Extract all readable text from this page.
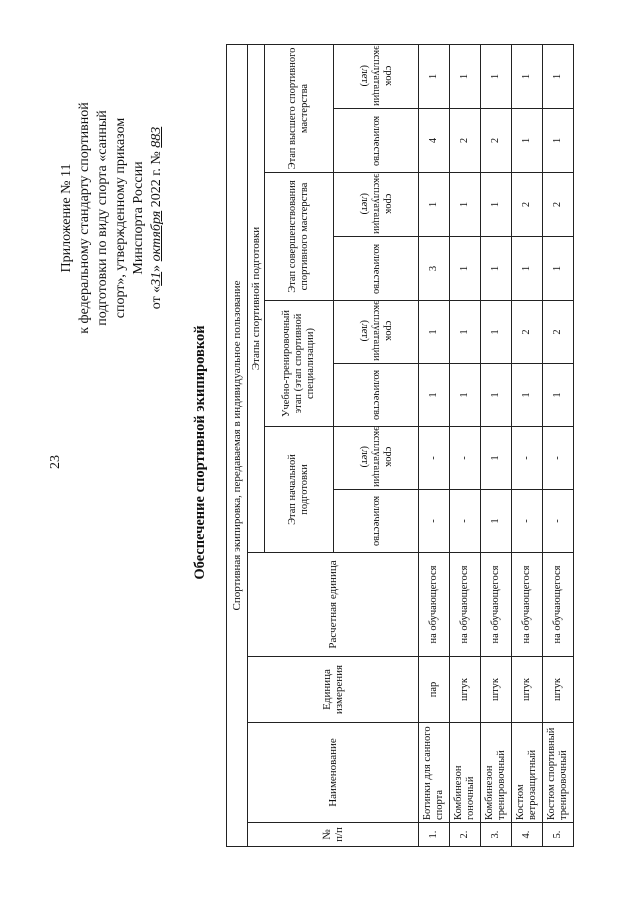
23
Приложение № 11 к федеральному стандарту спортивной подготовки по виду спорта «санный спорт», утвержденному приказом Минспорта России
от «31» октября 2022 г. № 883
Обеспечение спортивной экипировкой Спортивная экипировка, передаваемая в индивидуальное пользование											
№ п/п	Наименование	Единица измерения	Расчетная единица	Этапы спортивной подготовки							
				Этап начальной подготовки		Учебно-тренировочный этап (этап спортивной специализации)		Этап совершенствования спортивного мастерства		Этап высшего спортивного мастерства	
				количество	срок эксплуатации (лет)	количество	срок эксплуатации (лет)	количество	срок эксплуатации (лет)	количество	срок эксплуатации (лет)
1.	Ботинки для санного спорта	пар	на обучающегося	-	-	1	1	3	1	4	1
2.	Комбинезон гоночный	штук	на обучающегося	-	-	1	1	1	1	2	1
3.	Комбинезон тренировочный	штук	на обучающегося	1	1	1	1	1	1	2	1
4.	Костюм ветрозащитный	штук	на обучающегося	-	-	1	2	1	2	1	1
5.	Костюм спортивный тренировочный	штук	на обучающегося	-	-	1	2	1	2	1	1
